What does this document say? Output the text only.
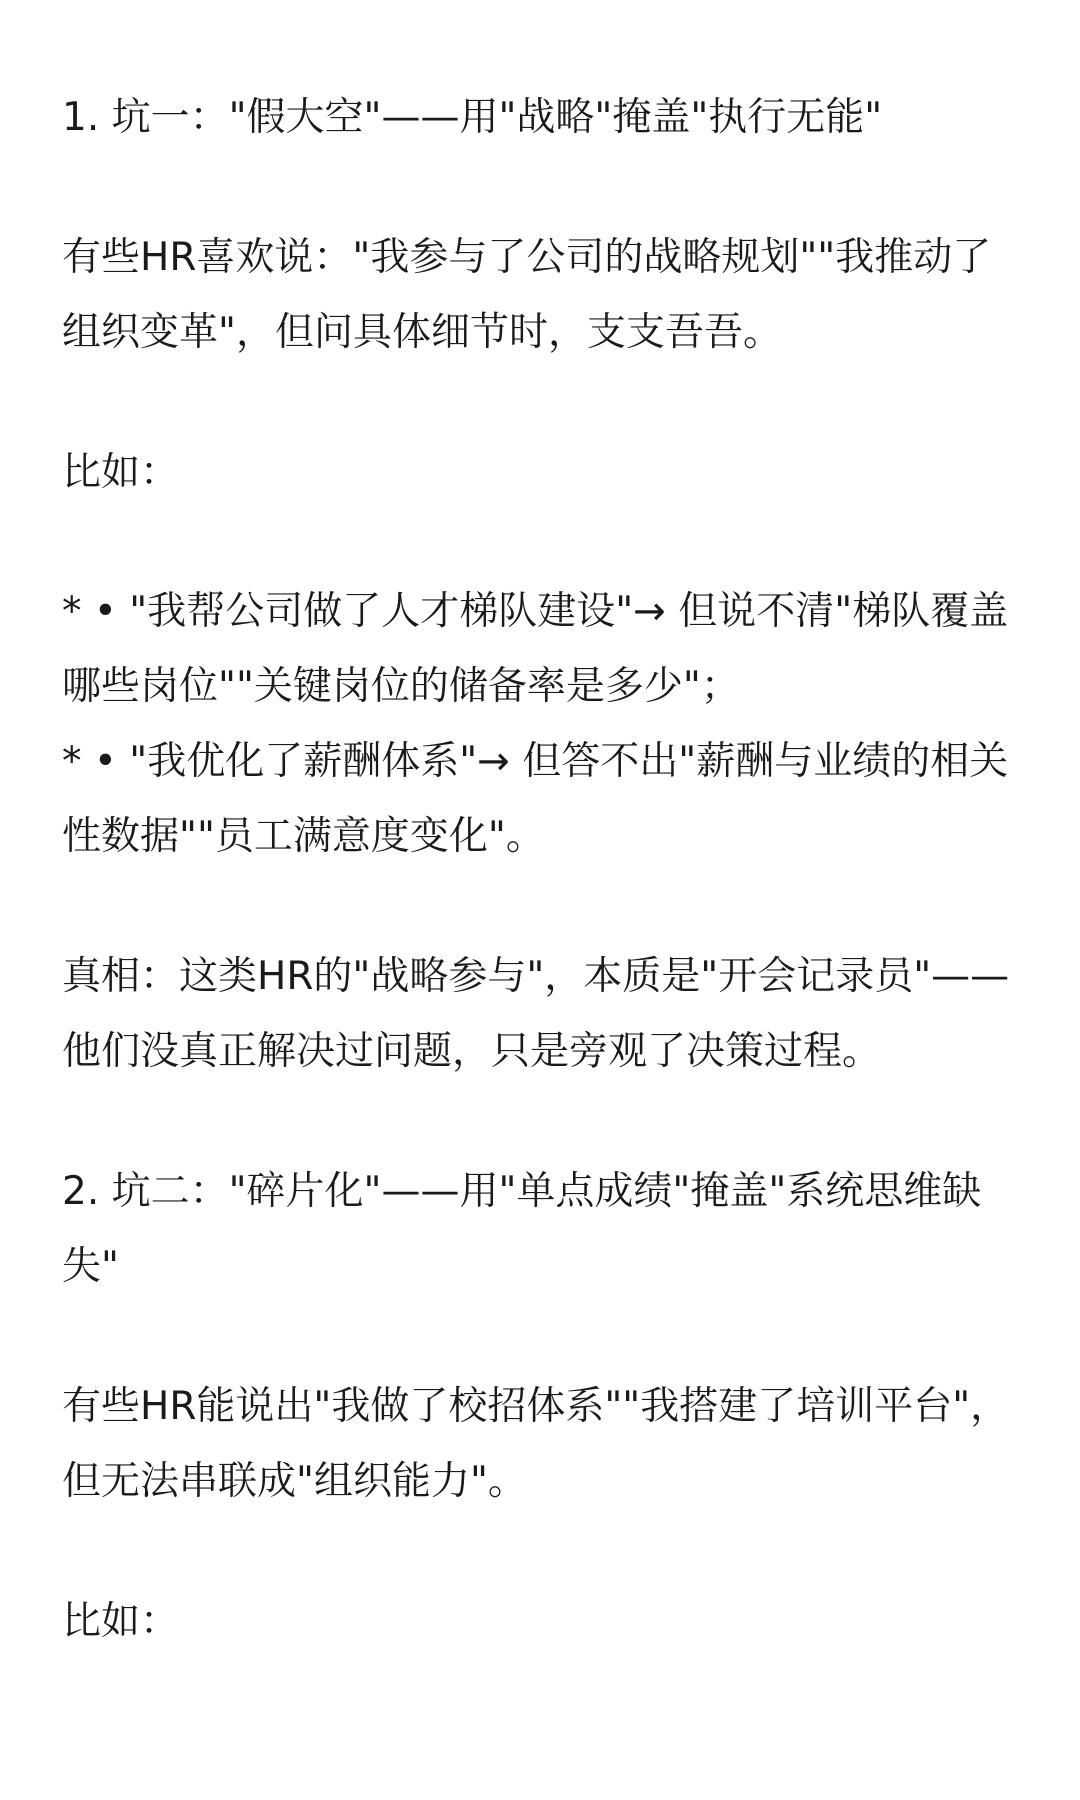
1. 坑一："假大空"——用"战略"掩盖"执行无能"

有些HR喜欢说："我参与了公司的战略规划""我推动了组织变革"，但问具体细节时，支支吾吾。

比如：

* • "我帮公司做了人才梯队建设"→ 但说不清"梯队覆盖哪些岗位""关键岗位的储备率是多少"；

* • "我优化了薪酬体系"→ 但答不出"薪酬与业绩的相关性数据""员工满意度变化"。

真相：这类HR的"战略参与"，本质是"开会记录员"——他们没真正解决过问题，只是旁观了决策过程。

2. 坑二："碎片化"——用"单点成绩"掩盖"系统思维缺失"

有些HR能说出"我做了校招体系""我搭建了培训平台"，但无法串联成"组织能力"。

比如：
